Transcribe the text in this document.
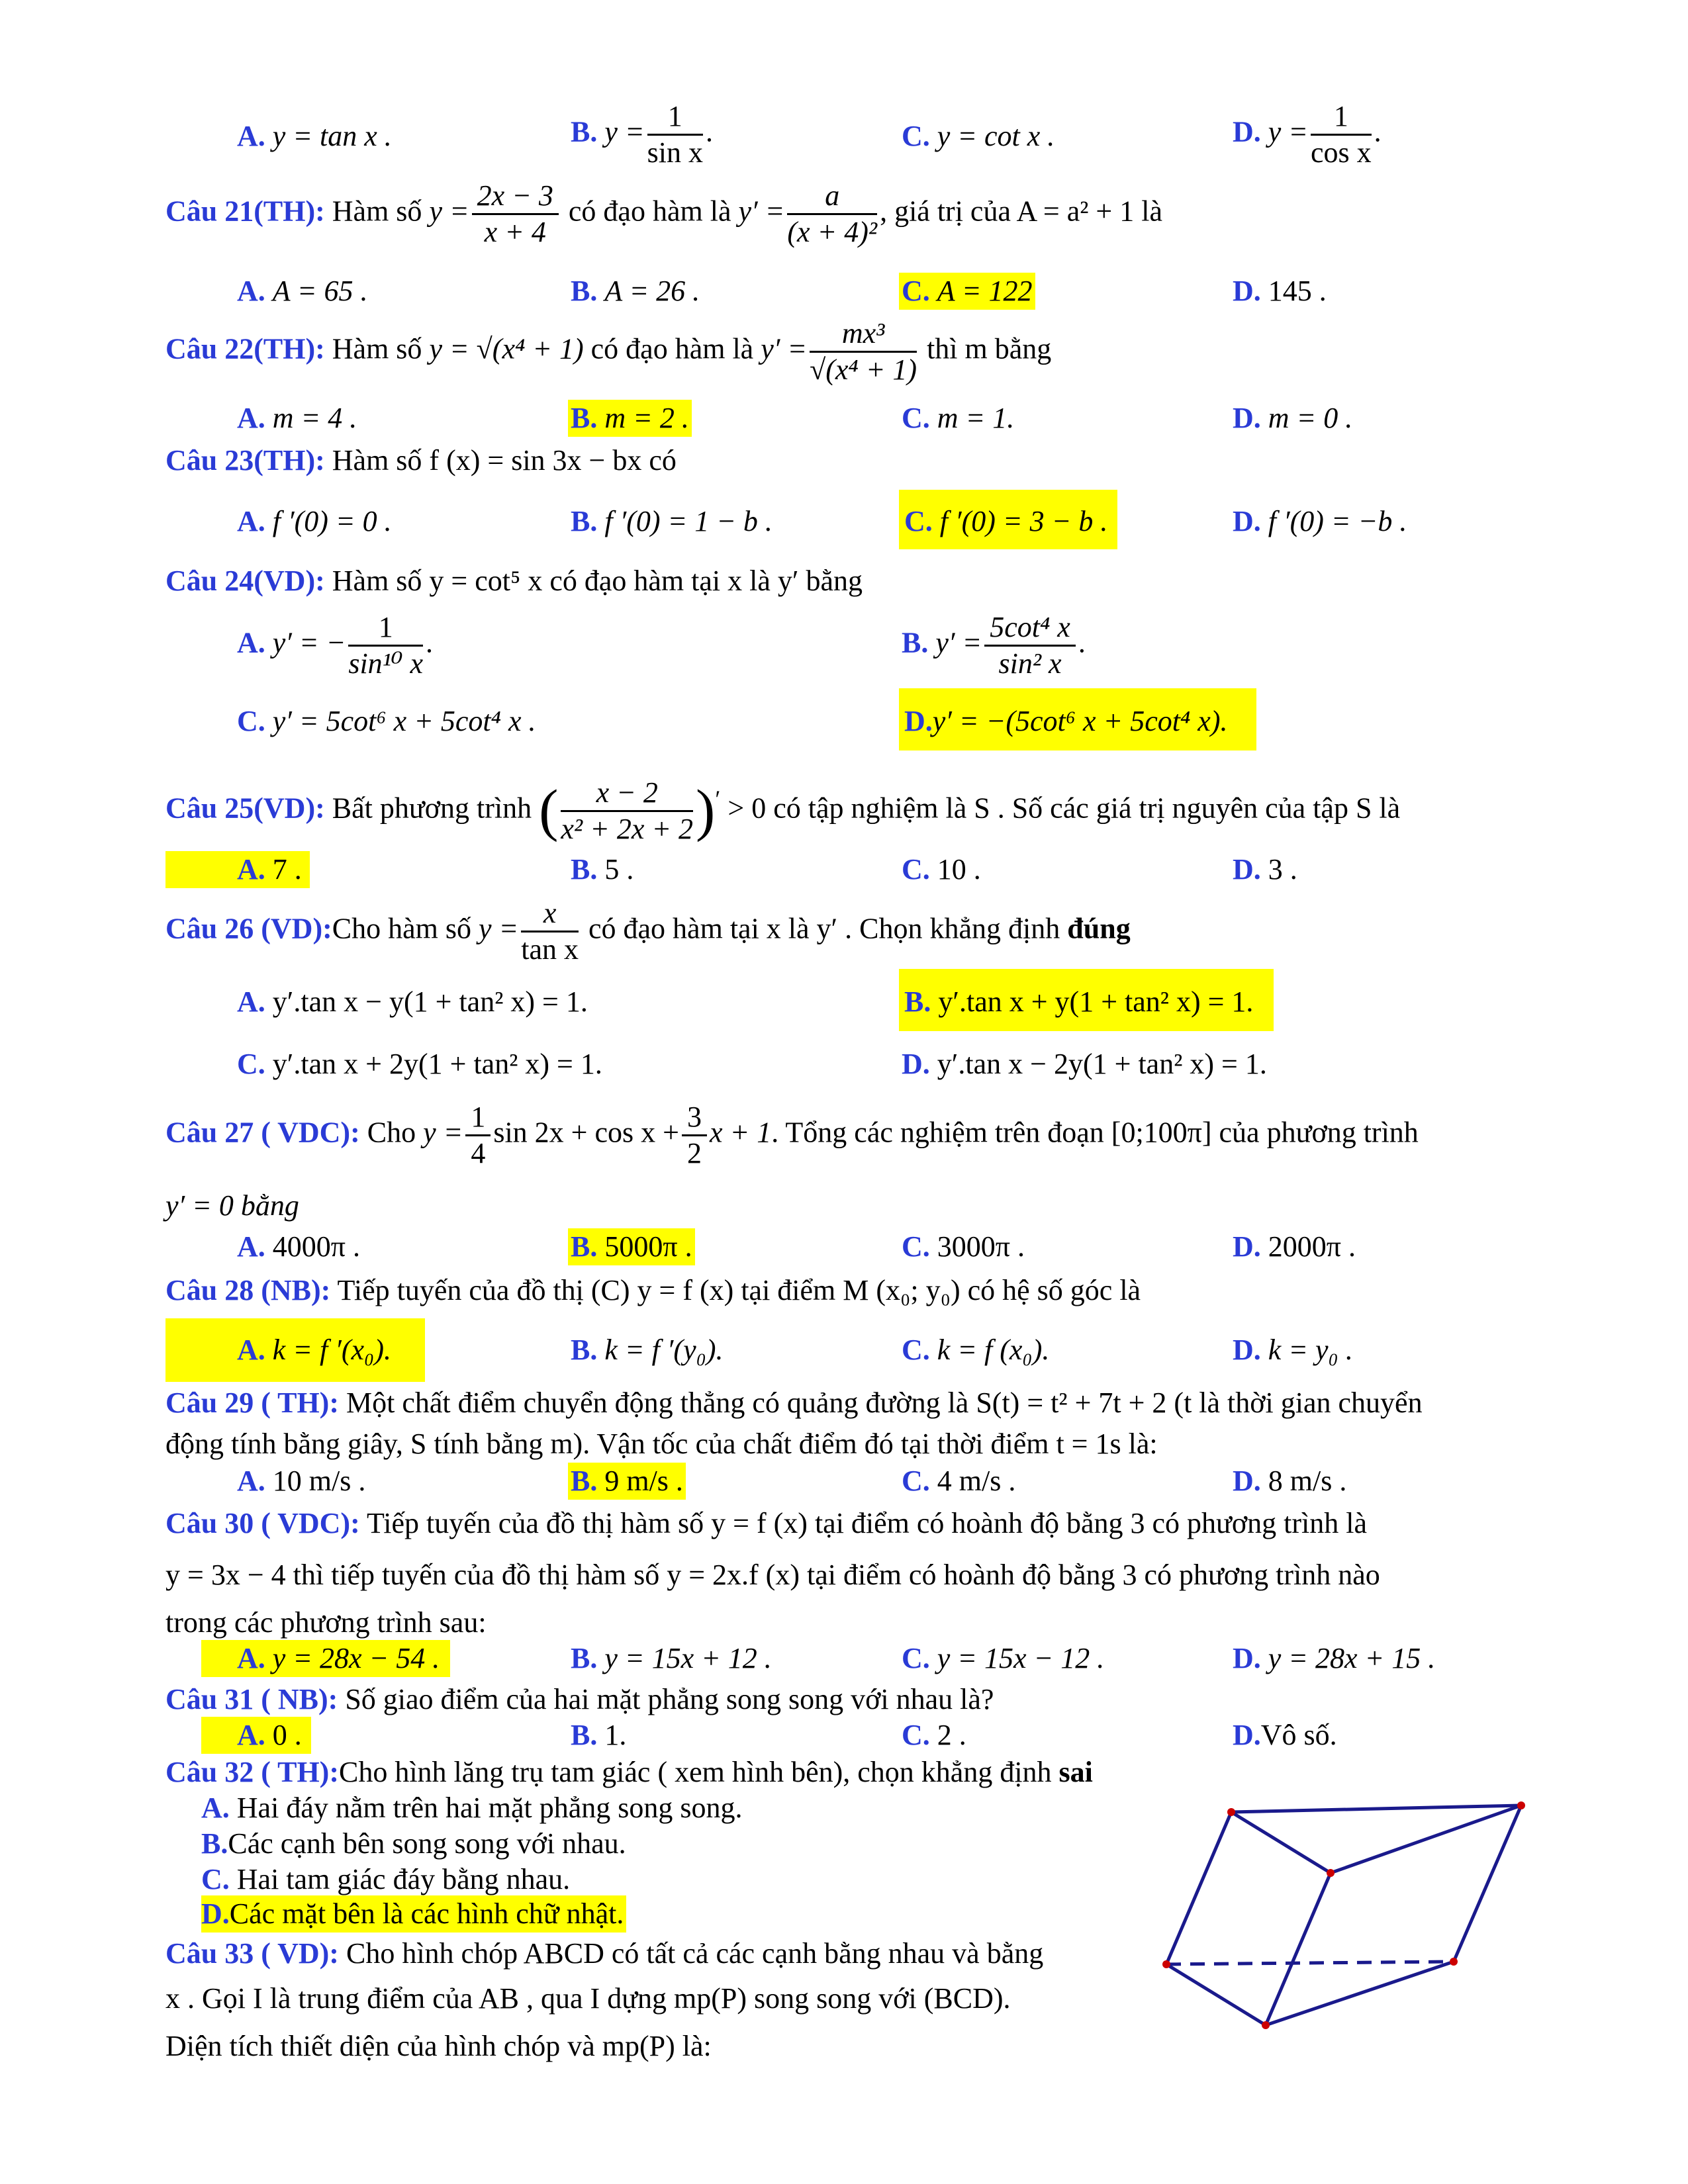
A. y = tan x .	B. $y = \frac{1}{\text{sin x}}$ .	C. y = cot x .	D. $y = \frac{1}{\text{cos x}}$ .
Câu 21(TH): Hàm số $y = \frac{2x - 3}{x + 4}$ có đạo hàm là $y' = \frac{a}{\text{(x + 4)²}}$ , giá trị của A = a² + 1 là
A. A = 65 .	B. A = 26 .	C. A = 122	D. 145 .
Câu 22(TH): Hàm số y = √(x⁴ + 1) có đạo hàm là $y' = \frac{\text{mx³}}{\text{√(x⁴ + 1)}}$ thì m bằng
A. m = 4 .	B. m = 2 .	C. m = 1.	D. m = 0 .
Câu 23(TH): Hàm số f (x) = sin 3x − bx có
A. f ′(0) = 0 .	B. f ′(0) = 1 − b .	C. f ′(0) = 3 − b .	D. f ′(0) = −b .
Câu 24(VD): Hàm số y = cot⁵ x có đạo hàm tại x là y′ bằng
A. y′ = − $\frac{1}{\text{sin¹⁰ x}}$ .	B. $y' = \frac{\text{5cot⁴ x}}{\text{sin² x}}$ .
C. y′ = 5cot⁶ x + 5cot⁴ x .	D.y′ = −(5cot⁶ x + 5cot⁴ x).
Câu 25(VD): Bất phương trình ( $\frac{x - 2}{\text{x² + 2x + 2}} )' > 0$ có tập nghiệm là S . Số các giá trị nguyên của tập S là
A. 7 .	B. 5 .	C. 10 .	D. 3 .
Câu 26 (VD):Cho hàm số $y = \frac{x}{\text{tan x}}$ có đạo hàm tại x là y′ . Chọn khẳng định đúng
A. y′.tan x − y(1 + tan² x) = 1.	B. y′.tan x + y(1 + tan² x) = 1.
C. y′.tan x + 2y(1 + tan² x) = 1.	D. y′.tan x − 2y(1 + tan² x) = 1.
Câu 27 ( VDC): Cho $y = \frac{1}{4}$ $\sin 2x + \cos x + \frac{3}{2}$ x + 1. Tổng các nghiệm trên đoạn [0;100π] của phương trình
y′ = 0 bằng
A. 4000π .	B. 5000π .	C. 3000π .	D. 2000π .
Câu 28 (NB): Tiếp tuyến của đồ thị (C) y = f (x) tại điểm M (x₀; y₀) có hệ số góc là
A. k = f ′(x₀).	B. k = f ′(y₀).	C. k = f (x₀).	D. k = y₀ .
Câu 29 ( TH): Một chất điểm chuyển động thẳng có quảng đường là S(t) = t² + 7t + 2 (t là thời gian chuyển
động tính bằng giây, S tính bằng m). Vận tốc của chất điểm đó tại thời điểm t = 1s là:
A. 10 m/s .	B. 9 m/s .	C. 4 m/s .	D. 8 m/s .
Câu 30 ( VDC): Tiếp tuyến của đồ thị hàm số y = f (x) tại điểm có hoành độ bằng 3 có phương trình là
y = 3x − 4 thì tiếp tuyến của đồ thị hàm số y = 2x.f (x) tại điểm có hoành độ bằng 3 có phương trình nào
trong các phương trình sau:
A. y = 28x − 54 .	B. y = 15x + 12 .	C. y = 15x − 12 .	D. y = 28x + 15 .
Câu 31 ( NB): Số giao điểm của hai mặt phẳng song song với nhau là?
A. 0 .	B. 1.	C. 2 .	D.Vô số.
Câu 32 ( TH):Cho hình lăng trụ tam giác ( xem hình bên), chọn khẳng định sai
A. Hai đáy nằm trên hai mặt phẳng song song.
B.Các cạnh bên song song với nhau.
C. Hai tam giác đáy bằng nhau.
D.Các mặt bên là các hình chữ nhật.
Câu 33 ( VD): Cho hình chóp ABCD có tất cả các cạnh bằng nhau và bằng
x . Gọi I là trung điểm của AB , qua I dựng mp(P) song song với (BCD).
Diện tích thiết diện của hình chóp và mp(P) là:
